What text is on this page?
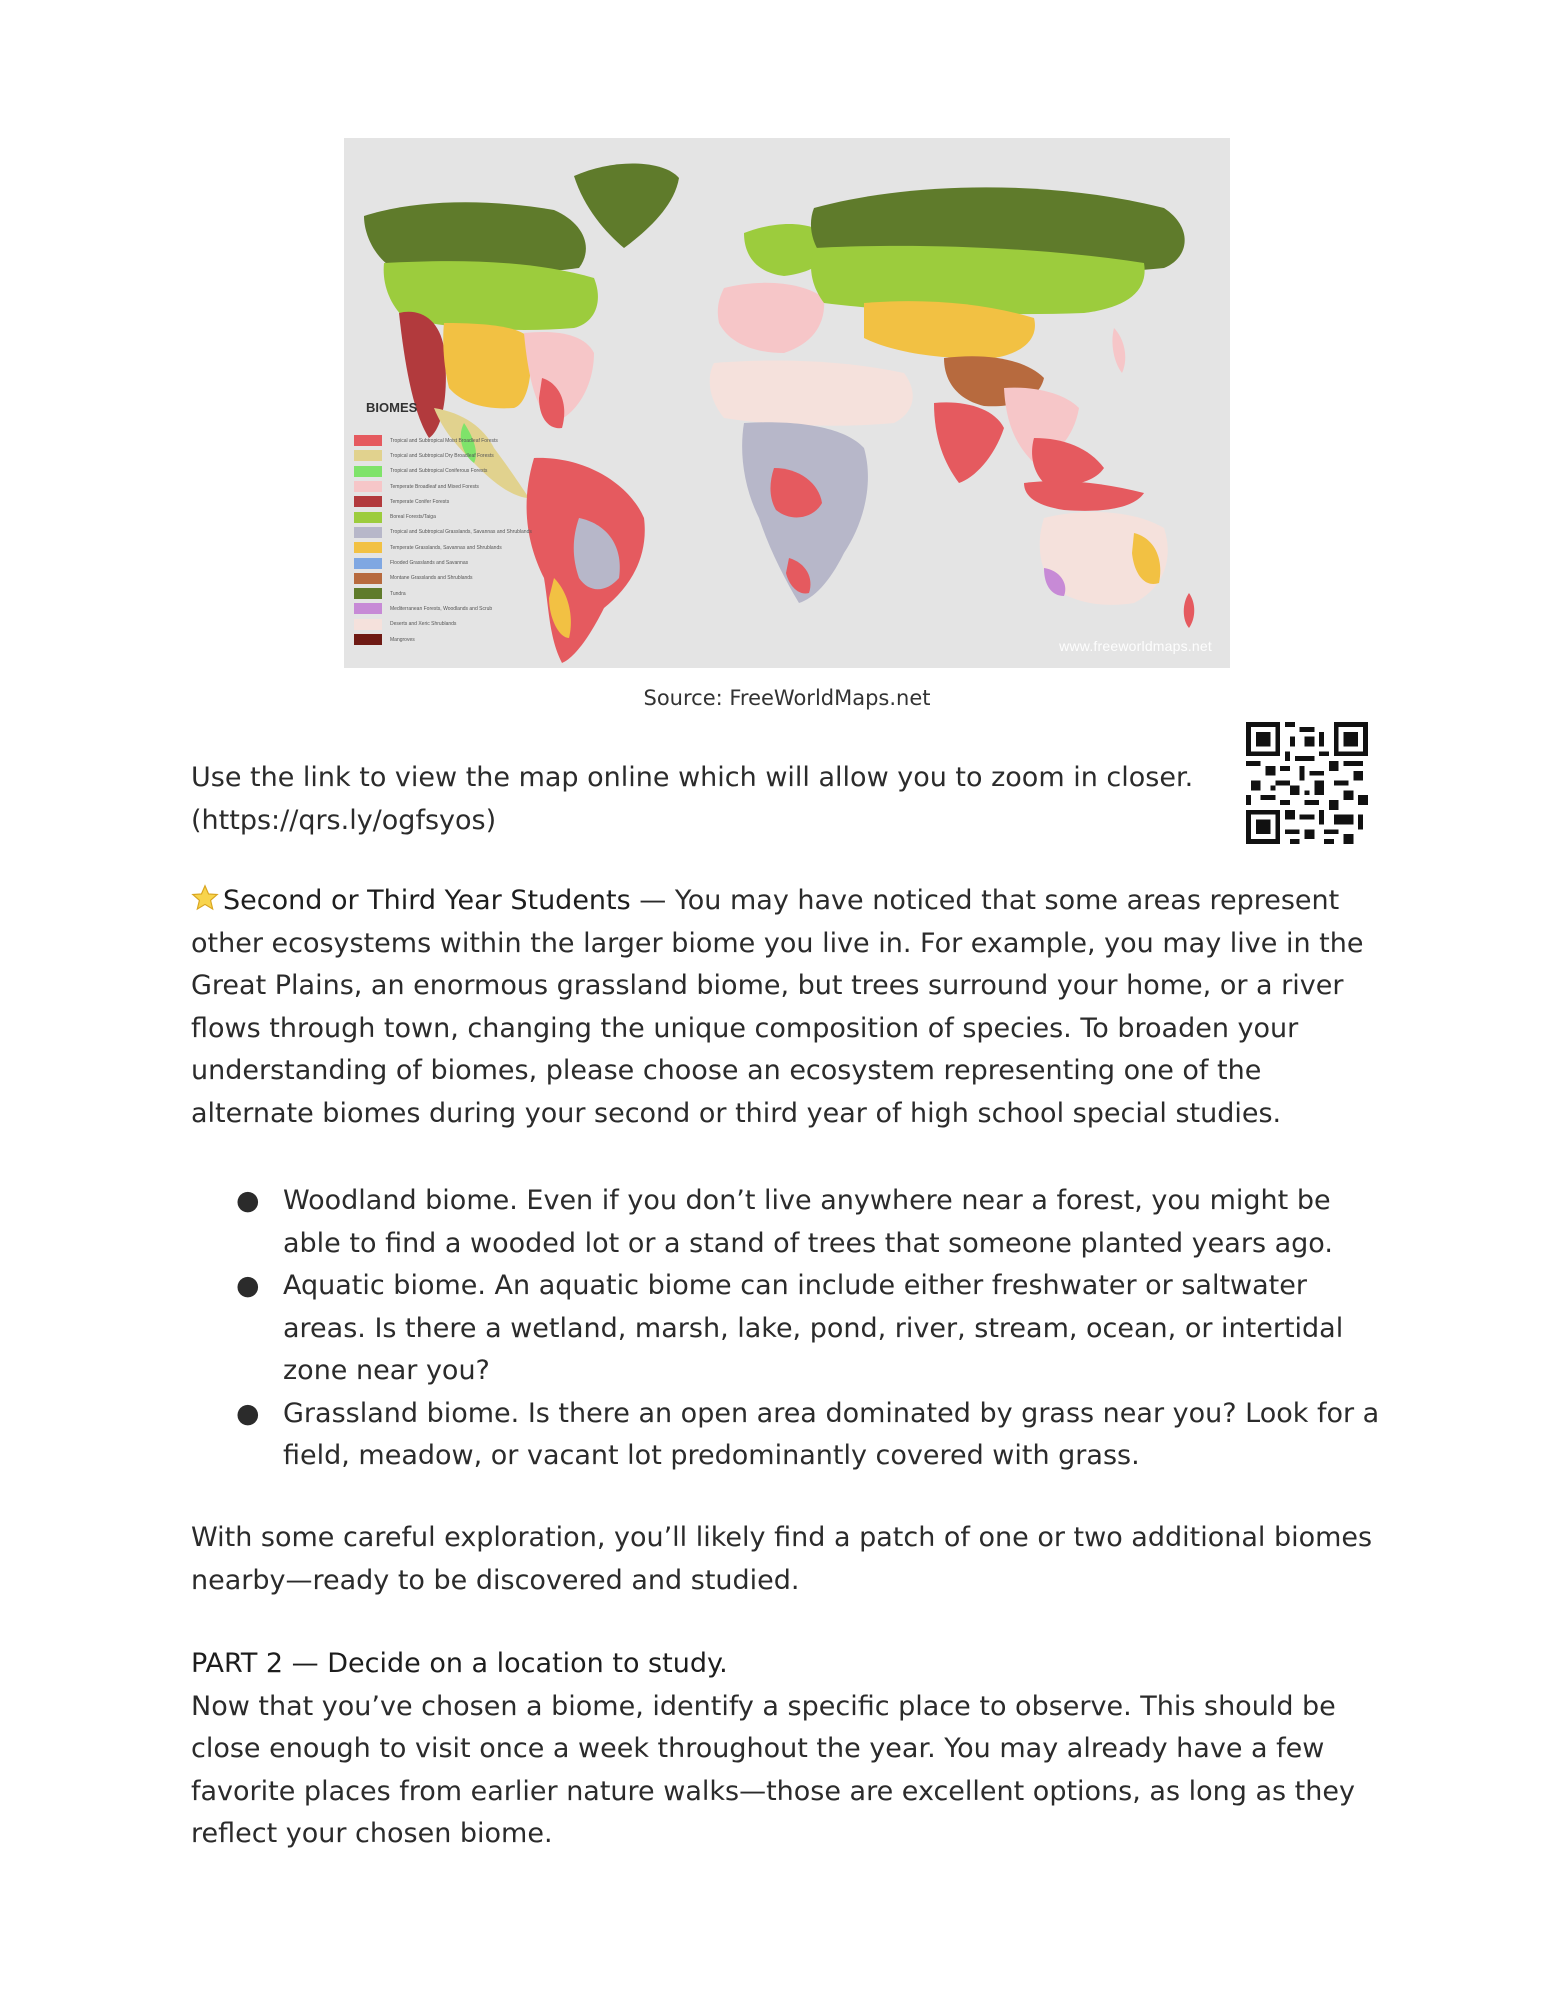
BIOMES
Tropical and Subtropical Moist Broadleaf Forests
Tropical and Subtropical Dry Broadleaf Forests
Tropical and Subtropical Coniferous Forests
Temperate Broadleaf and Mixed Forests
Temperate Conifer Forests
Boreal Forests/Taiga
Tropical and Subtropical Grasslands, Savannas and Shrublands
Temperate Grasslands, Savannas and Shrublands
Flooded Grasslands and Savannas
Montane Grasslands and Shrublands
Tundra
Mediterranean Forests, Woodlands and Scrub
Deserts and Xeric Shrublands
Mangroves	www.freeworldmaps.net
Source: FreeWorldMaps.net
Use the link to view the map online which will allow you to zoom in closer.
(https://qrs.ly/ogfsyos)
Second or Third Year Students — You may have noticed that some areas represent other ecosystems within the larger biome you live in. For example, you may live in the Great Plains, an enormous grassland biome, but trees surround your home, or a river flows through town, changing the unique composition of species. To broaden your understanding of biomes, please choose an ecosystem representing one of the alternate biomes during your second or third year of high school special studies.
● Woodland biome. Even if you don’t live anywhere near a forest, you might be able to find a wooded lot or a stand of trees that someone planted years ago.
● Aquatic biome. An aquatic biome can include either freshwater or saltwater areas. Is there a wetland, marsh, lake, pond, river, stream, ocean, or intertidal zone near you?
● Grassland biome. Is there an open area dominated by grass near you? Look for a field, meadow, or vacant lot predominantly covered with grass.
With some careful exploration, you’ll likely find a patch of one or two additional biomes nearby—ready to be discovered and studied.
PART 2 — Decide on a location to study.
Now that you’ve chosen a biome, identify a specific place to observe. This should be close enough to visit once a week throughout the year. You may already have a few favorite places from earlier nature walks—those are excellent options, as long as they reflect your chosen biome.
